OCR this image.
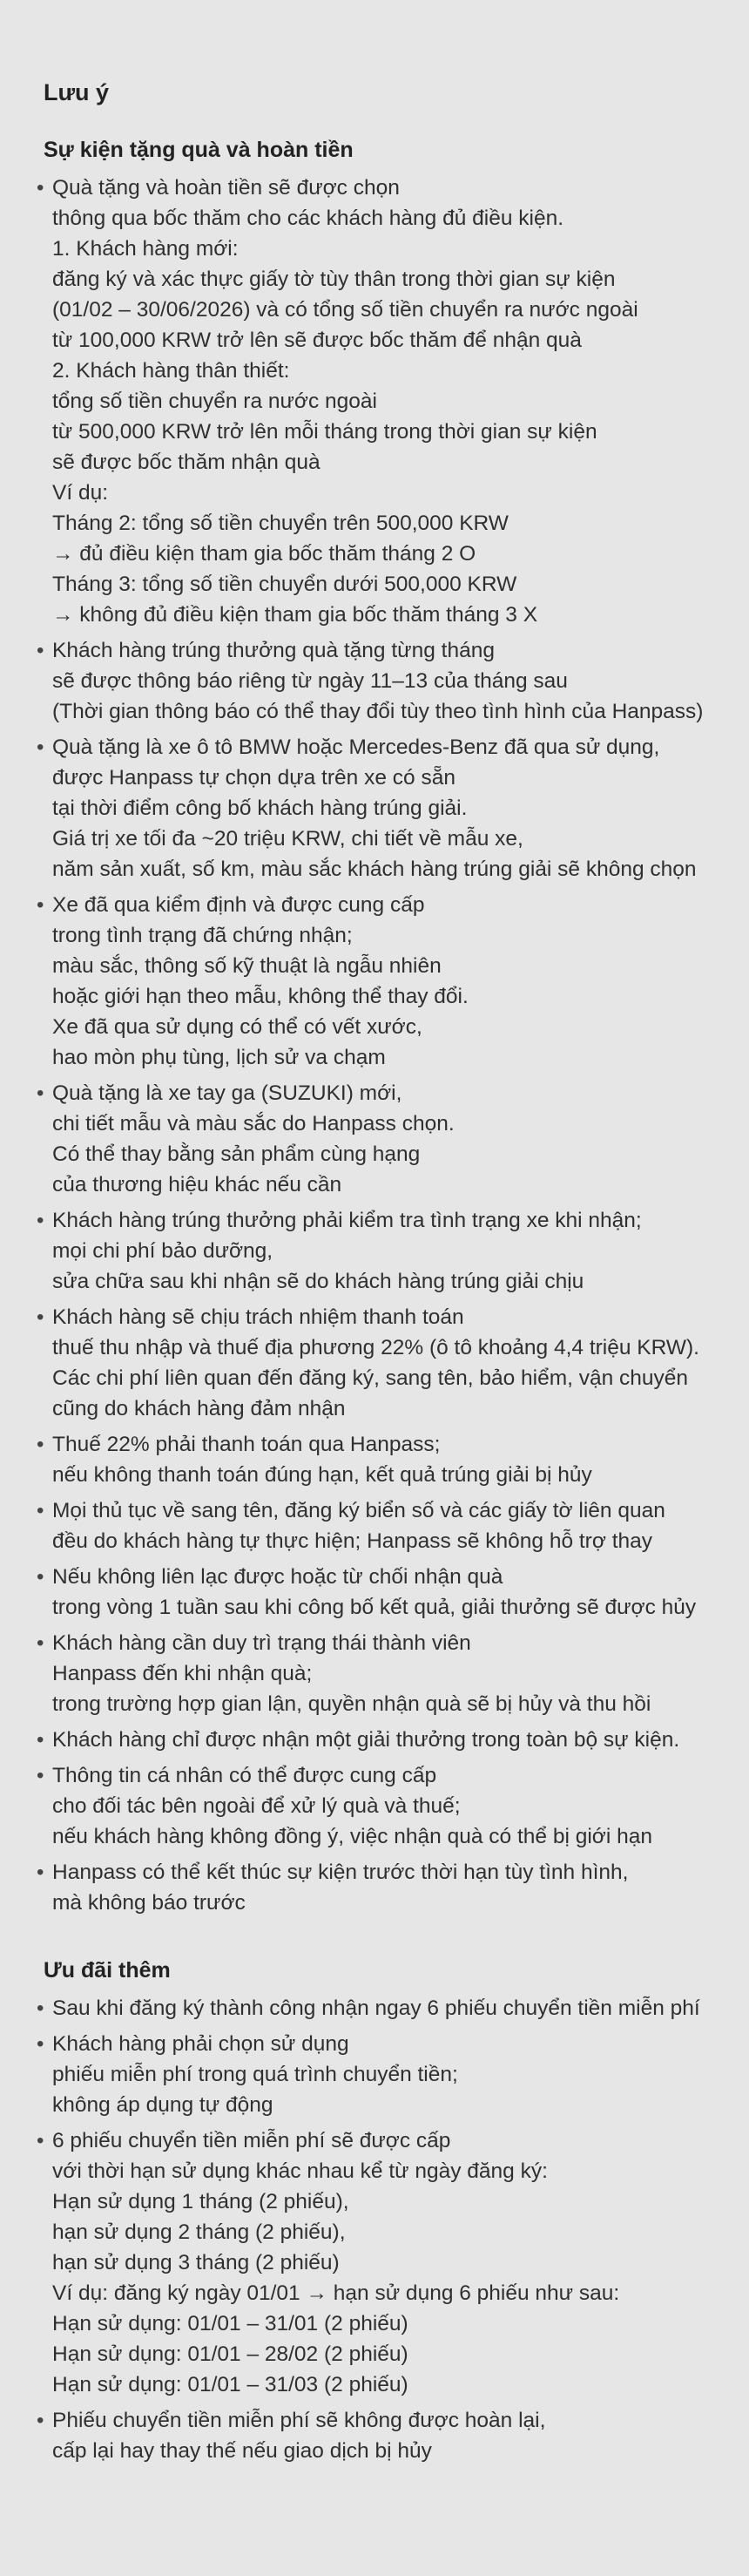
Lưu ý
Sự kiện tặng quà và hoàn tiền
• Quà tặng và hoàn tiền sẽ được chọn
thông qua bốc thăm cho các khách hàng đủ điều kiện.
1. Khách hàng mới:
đăng ký và xác thực giấy tờ tùy thân trong thời gian sự kiện
(01/02 – 30/06/2026) và có tổng số tiền chuyển ra nước ngoài
từ 100,000 KRW trở lên sẽ được bốc thăm để nhận quà
2. Khách hàng thân thiết:
tổng số tiền chuyển ra nước ngoài
từ 500,000 KRW trở lên mỗi tháng trong thời gian sự kiện
sẽ được bốc thăm nhận quà
Ví dụ:
Tháng 2: tổng số tiền chuyển trên 500,000 KRW
→ đủ điều kiện tham gia bốc thăm tháng 2 O
Tháng 3: tổng số tiền chuyển dưới 500,000 KRW
→ không đủ điều kiện tham gia bốc thăm tháng 3 X
• Khách hàng trúng thưởng quà tặng từng tháng
sẽ được thông báo riêng từ ngày 11–13 của tháng sau
(Thời gian thông báo có thể thay đổi tùy theo tình hình của Hanpass)
• Quà tặng là xe ô tô BMW hoặc Mercedes-Benz đã qua sử dụng,
được Hanpass tự chọn dựa trên xe có sẵn
tại thời điểm công bố khách hàng trúng giải.
Giá trị xe tối đa ~20 triệu KRW, chi tiết về mẫu xe,
năm sản xuất, số km, màu sắc khách hàng trúng giải sẽ không chọn
• Xe đã qua kiểm định và được cung cấp
trong tình trạng đã chứng nhận;
màu sắc, thông số kỹ thuật là ngẫu nhiên
hoặc giới hạn theo mẫu, không thể thay đổi.
Xe đã qua sử dụng có thể có vết xước,
hao mòn phụ tùng, lịch sử va chạm
• Quà tặng là xe tay ga (SUZUKI) mới,
chi tiết mẫu và màu sắc do Hanpass chọn.
Có thể thay bằng sản phẩm cùng hạng
của thương hiệu khác nếu cần
• Khách hàng trúng thưởng phải kiểm tra tình trạng xe khi nhận;
mọi chi phí bảo dưỡng,
sửa chữa sau khi nhận sẽ do khách hàng trúng giải chịu
• Khách hàng sẽ chịu trách nhiệm thanh toán
thuế thu nhập và thuế địa phương 22% (ô tô khoảng 4,4 triệu KRW).
Các chi phí liên quan đến đăng ký, sang tên, bảo hiểm, vận chuyển
cũng do khách hàng đảm nhận
• Thuế 22% phải thanh toán qua Hanpass;
nếu không thanh toán đúng hạn, kết quả trúng giải bị hủy
• Mọi thủ tục về sang tên, đăng ký biển số và các giấy tờ liên quan
đều do khách hàng tự thực hiện; Hanpass sẽ không hỗ trợ thay
• Nếu không liên lạc được hoặc từ chối nhận quà
trong vòng 1 tuần sau khi công bố kết quả, giải thưởng sẽ được hủy
• Khách hàng cần duy trì trạng thái thành viên
Hanpass đến khi nhận quà;
trong trường hợp gian lận, quyền nhận quà sẽ bị hủy và thu hồi
• Khách hàng chỉ được nhận một giải thưởng trong toàn bộ sự kiện.
• Thông tin cá nhân có thể được cung cấp
cho đối tác bên ngoài để xử lý quà và thuế;
nếu khách hàng không đồng ý, việc nhận quà có thể bị giới hạn
• Hanpass có thể kết thúc sự kiện trước thời hạn tùy tình hình,
mà không báo trước
Ưu đãi thêm
• Sau khi đăng ký thành công nhận ngay 6 phiếu chuyển tiền miễn phí
• Khách hàng phải chọn sử dụng
phiếu miễn phí trong quá trình chuyển tiền;
không áp dụng tự động
• 6 phiếu chuyển tiền miễn phí sẽ được cấp
với thời hạn sử dụng khác nhau kể từ ngày đăng ký:
Hạn sử dụng 1 tháng (2 phiếu),
hạn sử dụng 2 tháng (2 phiếu),
hạn sử dụng 3 tháng (2 phiếu)
Ví dụ: đăng ký ngày 01/01 → hạn sử dụng 6 phiếu như sau:
Hạn sử dụng: 01/01 – 31/01 (2 phiếu)
Hạn sử dụng: 01/01 – 28/02 (2 phiếu)
Hạn sử dụng: 01/01 – 31/03 (2 phiếu)
• Phiếu chuyển tiền miễn phí sẽ không được hoàn lại,
cấp lại hay thay thế nếu giao dịch bị hủy
